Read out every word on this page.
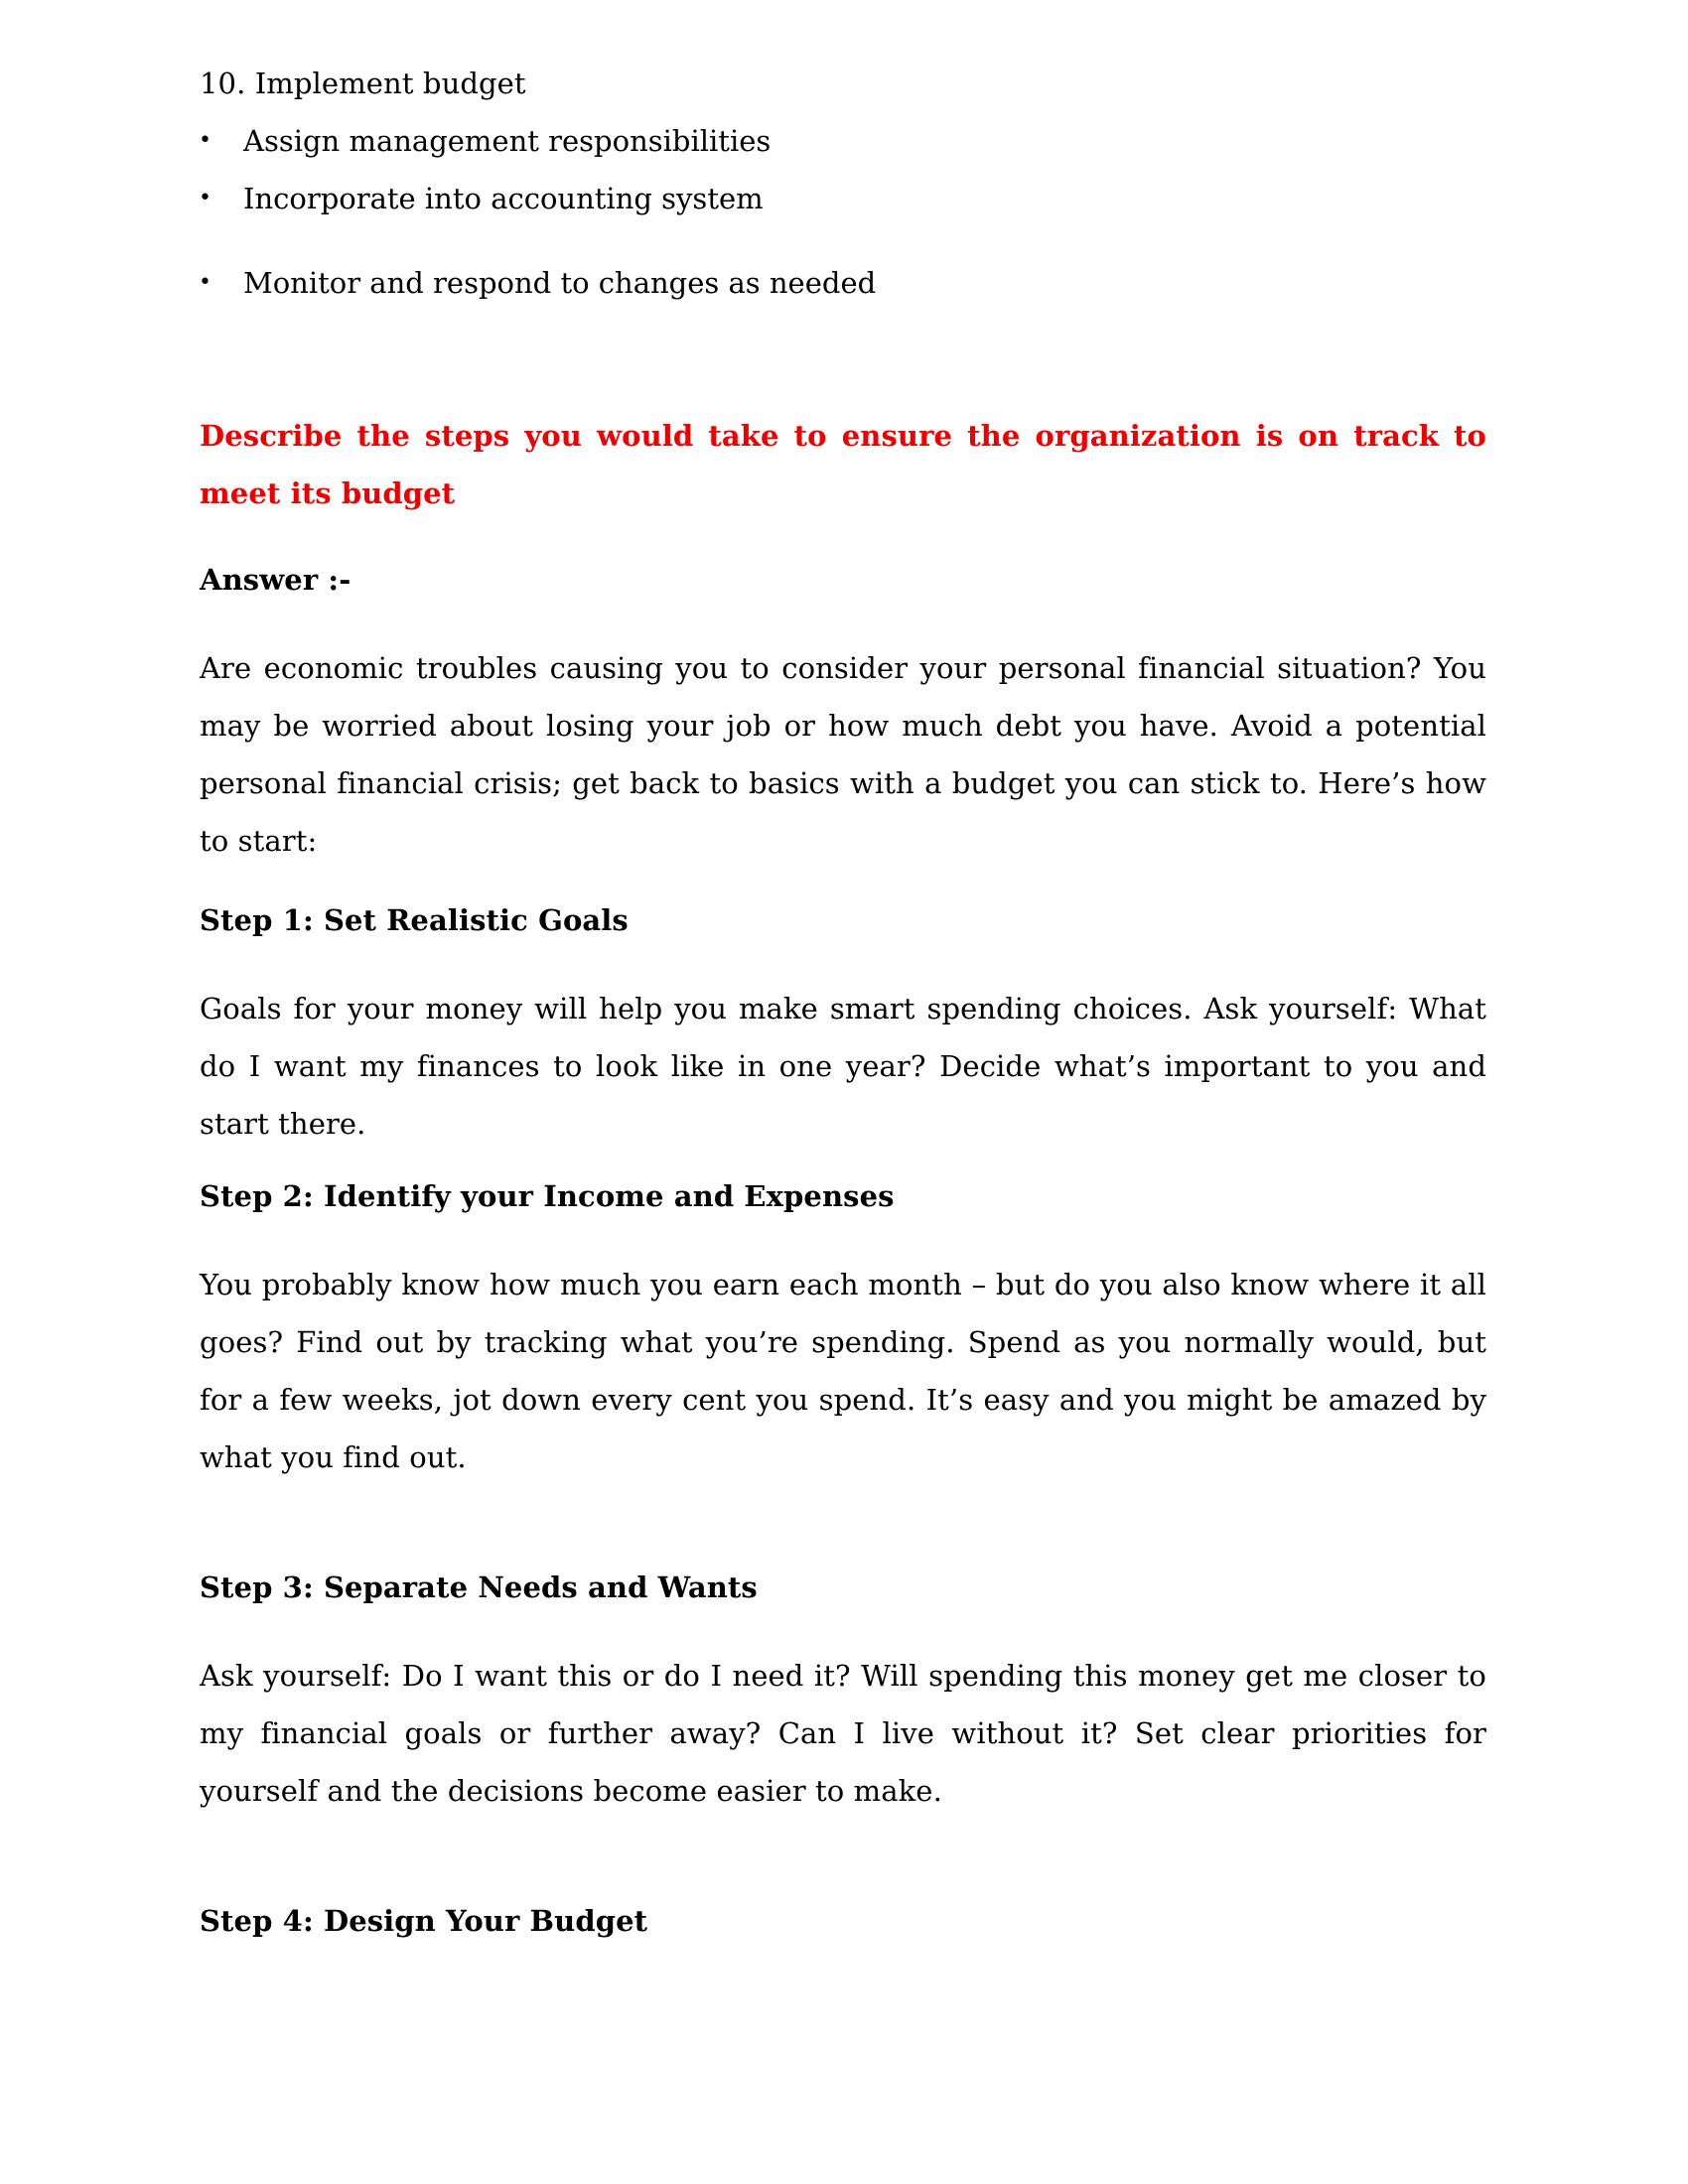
10. Implement budget

• Assign management responsibilities
• Incorporate into accounting system
• Monitor and respond to changes as needed

Describe the steps you would take to ensure the organization is on track to meet its budget

Answer :-

Are economic troubles causing you to consider your personal financial situation? You may be worried about losing your job or how much debt you have. Avoid a potential personal financial crisis; get back to basics with a budget you can stick to. Here’s how to start:

Step 1: Set Realistic Goals

Goals for your money will help you make smart spending choices. Ask yourself: What do I want my finances to look like in one year? Decide what’s important to you and start there.

Step 2: Identify your Income and Expenses

You probably know how much you earn each month – but do you also know where it all goes? Find out by tracking what you’re spending. Spend as you normally would, but for a few weeks, jot down every cent you spend. It’s easy and you might be amazed by what you find out.

Step 3: Separate Needs and Wants

Ask yourself: Do I want this or do I need it? Will spending this money get me closer to my financial goals or further away? Can I live without it? Set clear priorities for yourself and the decisions become easier to make.

Step 4: Design Your Budget
